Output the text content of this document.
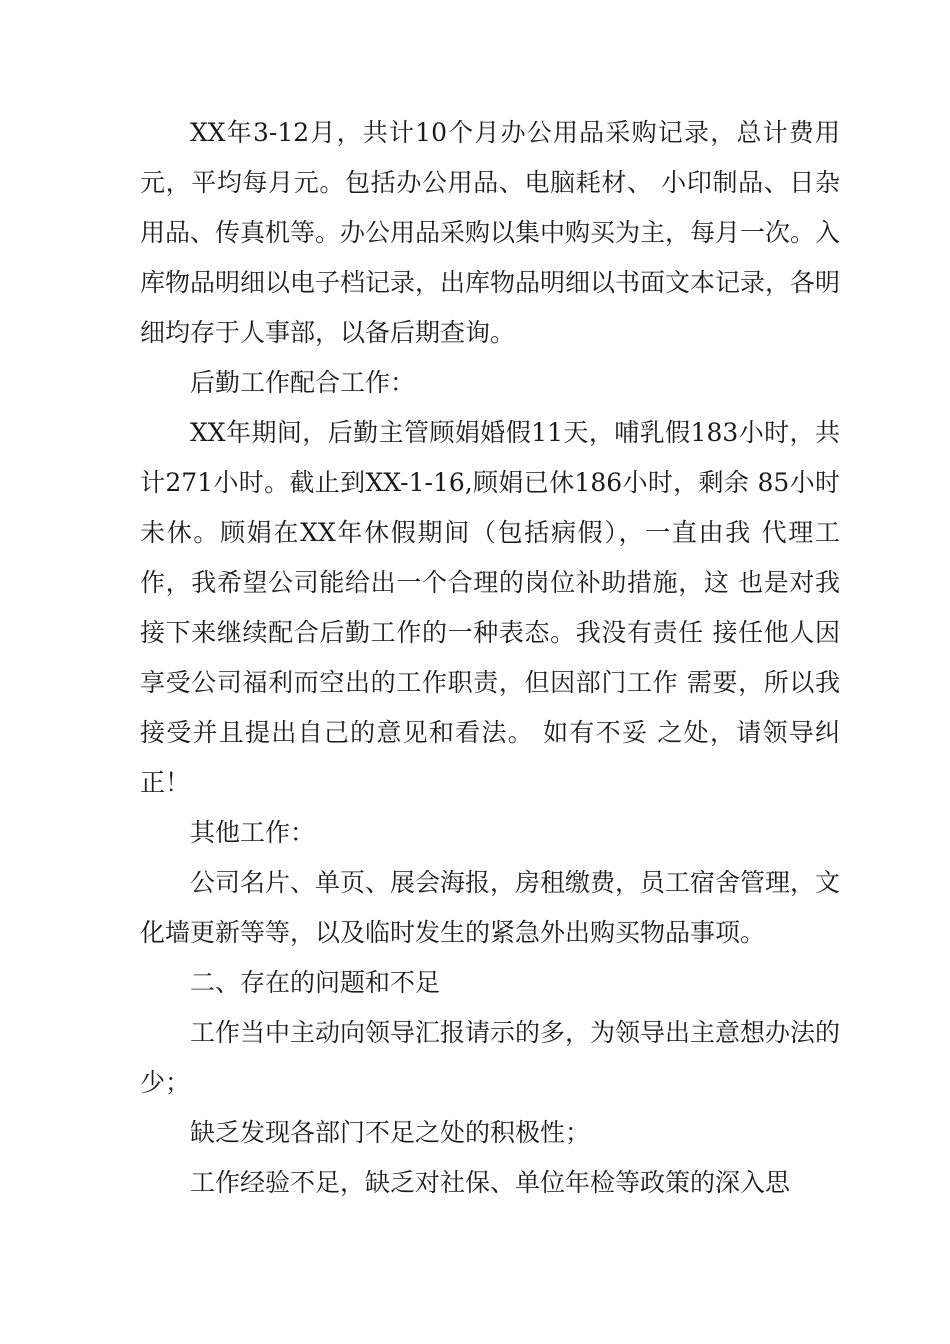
XX年3-12月，共计10个月办公用品采购记录，总计费用元，平均每月元。包括办公用品、电脑耗材、 小印制品、日杂用品、传真机等。办公用品采购以集中购买为主，每月一次。入库物品明细以电子档记录，出库物品明细以书面文本记录，各明细均存于人事部，以备后期查询。

后勤工作配合工作：

XX年期间，后勤主管顾娟婚假11天，哺乳假183小时，共计271小时。截止到XX-1-16,顾娟已休186小时，剩余 85小时未休。顾娟在XX年休假期间（包括病假），一直由我 代理工作，我希望公司能给出一个合理的岗位补助措施，这 也是对我接下来继续配合后勤工作的一种表态。我没有责任 接任他人因享受公司福利而空出的工作职责，但因部门工作 需要，所以我接受并且提出自己的意见和看法。 如有不妥 之处，请领导纠正！

其他工作：

公司名片、单页、展会海报，房租缴费，员工宿舍管理，文化墙更新等等，以及临时发生的紧急外出购买物品事项。

二、存在的问题和不足

工作当中主动向领导汇报请示的多，为领导出主意想办法的少；

缺乏发现各部门不足之处的积极性；

工作经验不足，缺乏对社保、单位年检等政策的深入思
